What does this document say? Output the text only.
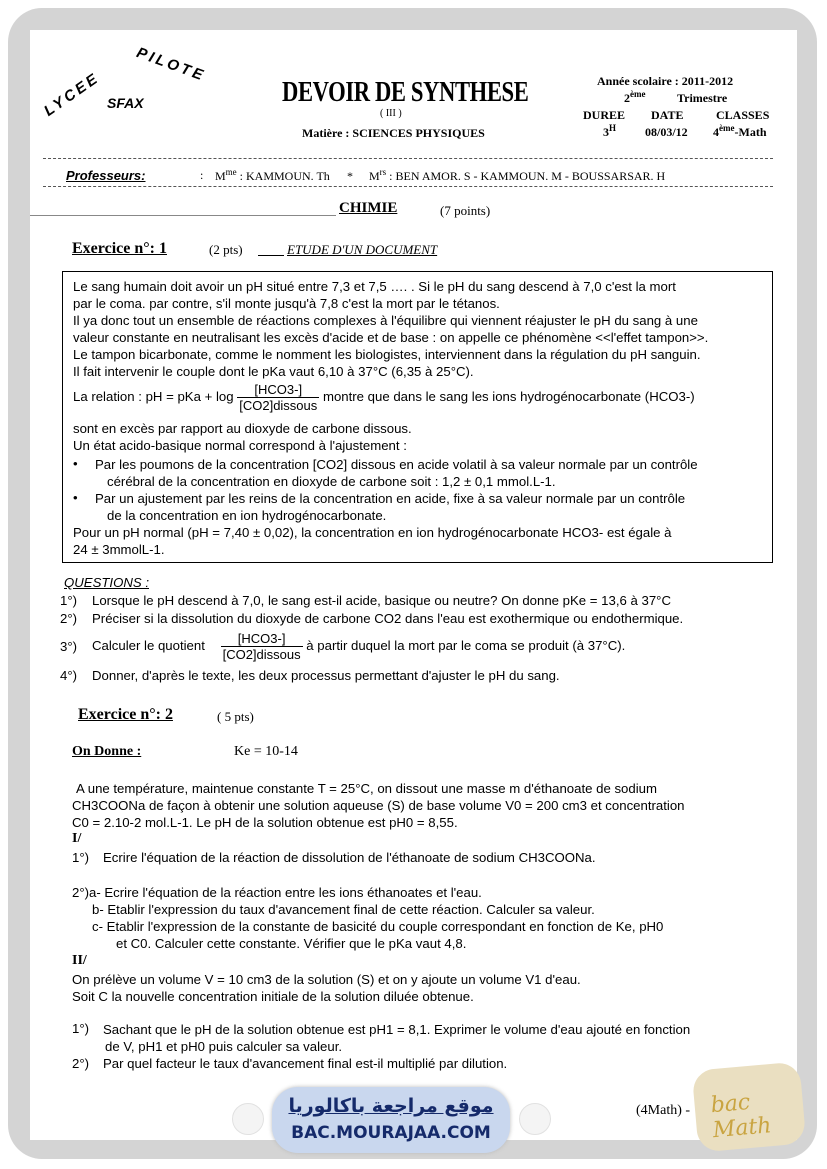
LYCEE
PILOTE
SFAX	DEVOIR DE SYNTHESE
( III )
Matière : SCIENCES PHYSIQUES
Année scolaire : 2011-2012
2ème	Trimestre
DUREE DATE	CLASSES
$3^H$ 08/03/12 4ème-Math
Professeurs:	: $M^{me}$ : KAMMOUN. Th * $M^{rs}$ : BEN AMOR. S - KAMMOUN. M - BOUSSARSAR. H
CHIMIE	(7 points)
Exercice n°: 1	(2 pts)	ETUDE D'UN DOCUMENT
Le sang humain doit avoir un pH situé entre 7,3 et 7,5 …. . Si le pH du sang descend à 7,0 c'est la mort
par le coma. par contre, s'il monte jusqu'à 7,8 c'est la mort par le tétanos.
Il ya donc tout un ensemble de réactions complexes à l'équilibre qui viennent réajuster le pH du sang à une
valeur constante en neutralisant les excès d'acide et de base : on appelle ce phénomène <<l'effet tampon>>.
Le tampon bicarbonate, comme le nomment les biologistes, interviennent dans la régulation du pH sanguin.
Il fait intervenir le couple dont le pKa vaut 6,10 à 37°C (6,35 à 25°C).
La relation : pH = pKa + $\log \frac{\text{[HCO3-]}}{\text{[CO2]dissous}}$ montre que dans le sang les ions hydrogénocarbonate (HCO3-)
sont en excès par rapport au dioxyde de carbone dissous.
Un état acido-basique normal correspond à l'ajustement :
• Par les poumons de la concentration [CO2] dissous en acide volatil à sa valeur normale par un contrôle
cérébral de la concentration en dioxyde de carbone soit : 1,2 ± 0,1 mmol.L-1.
• Par un ajustement par les reins de la concentration en acide, fixe à sa valeur normale par un contrôle
de la concentration en ion hydrogénocarbonate.
Pour un pH normal (pH = 7,40 ± 0,02), la concentration en ion hydrogénocarbonate HCO3- est égale à
24 ± 3mmolL-1.
QUESTIONS :
1°) Lorsque le pH descend à 7,0, le sang est-il acide, basique ou neutre? On donne pKe = 13,6 à 37°C
2°) Préciser si la dissolution du dioxyde de carbone CO2 dans l'eau est exothermique ou endothermique.
3°) Calculer le quotient $\frac{\text{[HCO3-]}}{\text{[CO2]dissous}}$ à partir duquel la mort par le coma se produit (à 37°C).
4°) Donner, d'après le texte, les deux processus permettant d'ajuster le pH du sang.
Exercice n°: 2	( 5 pts)
On Donne :	Ke = 10-14
A une température, maintenue constante T = 25°C, on dissout une masse m d'éthanoate de sodium
CH3COONa de façon à obtenir une solution aqueuse (S) de base volume V0 = 200 cm3 et concentration
C0 = 2.10-2 mol.L-1. Le pH de la solution obtenue est pH0 = 8,55.
I/
1°) Ecrire l'équation de la réaction de dissolution de l'éthanoate de sodium CH3COONa.
2°)a- Ecrire l'équation de la réaction entre les ions éthanoates et l'eau.
b- Etablir l'expression du taux d'avancement final de cette réaction. Calculer sa valeur.
c- Etablir l'expression de la constante de basicité du couple correspondant en fonction de Ke, pH0
et C0. Calculer cette constante. Vérifier que le pKa vaut 4,8.
II/
On prélève un volume V = 10 cm3 de la solution (S) et on y ajoute un volume V1 d'eau.
Soit C la nouvelle concentration initiale de la solution diluée obtenue.
1°) Sachant que le pH de la solution obtenue est pH1 = 8,1. Exprimer le volume d'eau ajouté en fonction
de V, pH1 et pH0 puis calculer sa valeur.
2°) Par quel facteur le taux d'avancement final est-il multiplié par dilution.
موقع مراجعة باكالوريا
BAC.MOURAJAA.COM
(4Math) - bac Math
